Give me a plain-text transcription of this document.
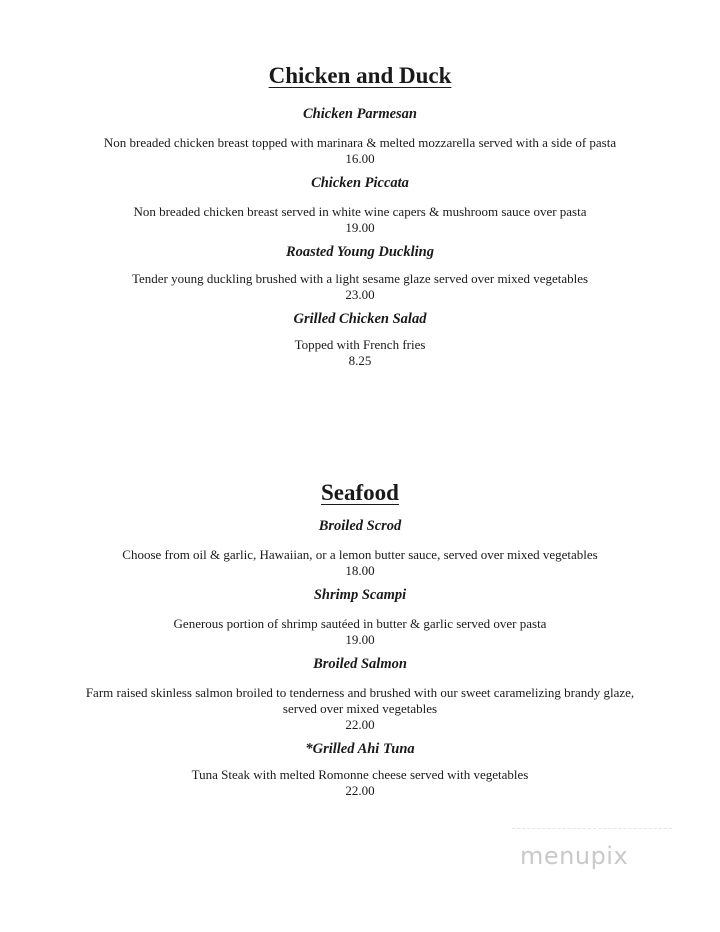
Chicken and Duck

Chicken Parmesan

Non breaded chicken breast topped with marinara & melted mozzarella served with a side of pasta

16.00

Chicken Piccata

Non breaded chicken breast served in white wine capers & mushroom sauce over pasta

19.00

Roasted Young Duckling

Tender young duckling brushed with a light sesame glaze served over mixed vegetables

23.00

Grilled Chicken Salad

Topped with French fries

8.25

Seafood

Broiled Scrod

Choose from oil & garlic, Hawaiian, or a lemon butter sauce, served over mixed vegetables

18.00

Shrimp Scampi

Generous portion of shrimp sautéed in butter & garlic served over pasta

19.00

Broiled Salmon

Farm raised skinless salmon broiled to tenderness and brushed with our sweet caramelizing brandy glaze, served over mixed vegetables

22.00

*Grilled Ahi Tuna

Tuna Steak with melted Romonne cheese served with vegetables

22.00

menupix
